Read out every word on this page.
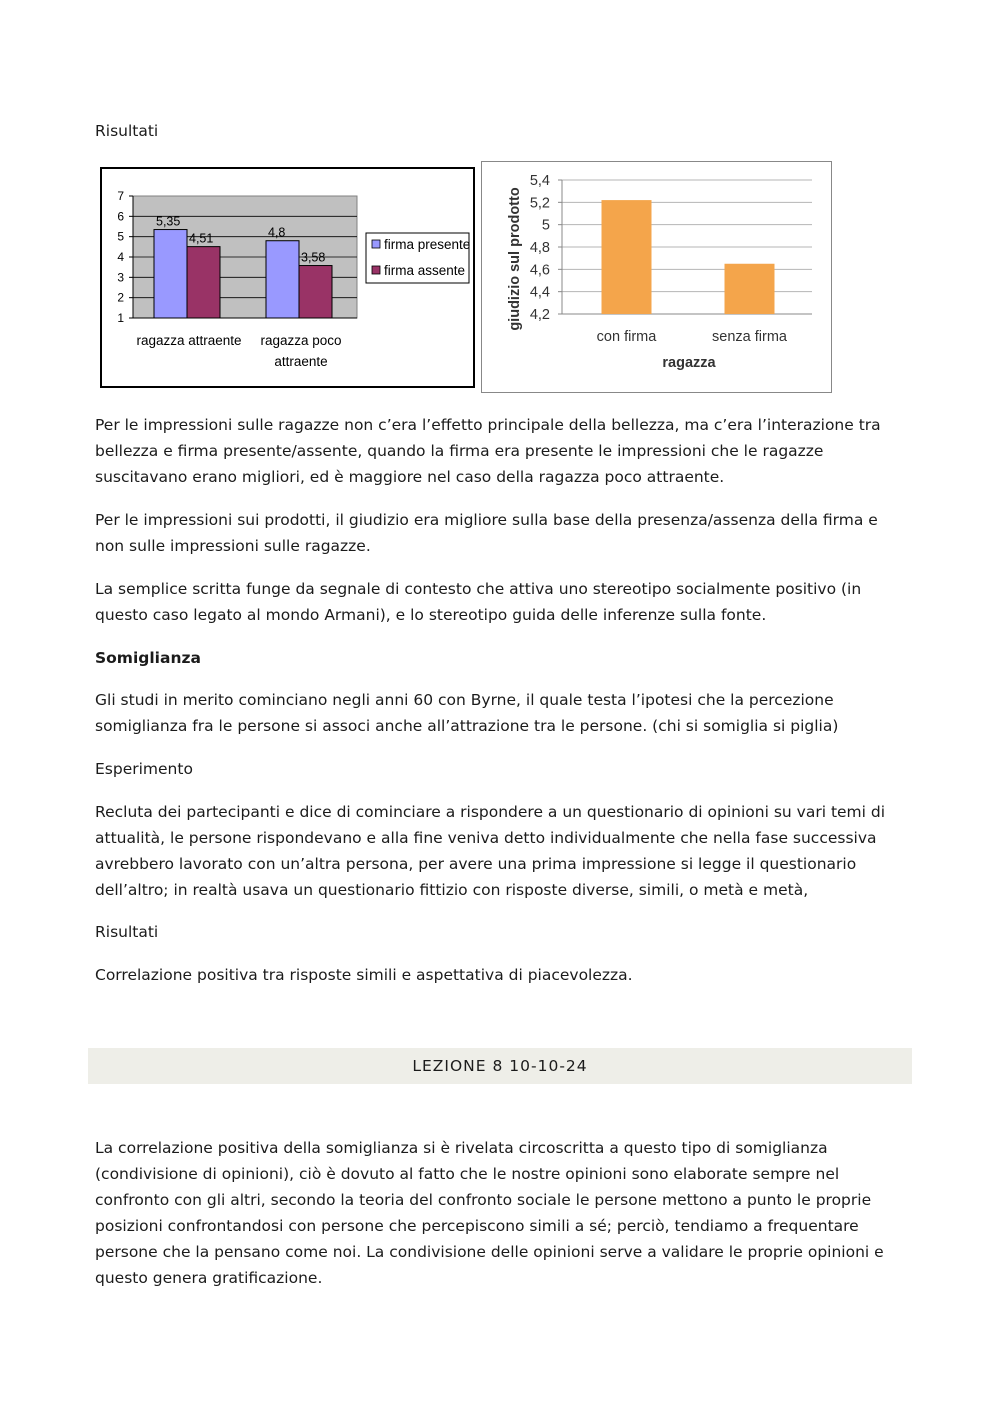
Risultati

Per le impressioni sulle ragazze non c’era l’effetto principale della bellezza, ma c’era l’interazione tra bellezza e firma presente/assente, quando la firma era presente le impressioni che le ragazze suscitavano erano migliori, ed è maggiore nel caso della ragazza poco attraente.

Per le impressioni sui prodotti, il giudizio era migliore sulla base della presenza/assenza della firma e non sulle impressioni sulle ragazze.

La semplice scritta funge da segnale di contesto che attiva uno stereotipo socialmente positivo (in questo caso legato al mondo Armani), e lo stereotipo guida delle inferenze sulla fonte.

Somiglianza

Gli studi in merito cominciano negli anni 60 con Byrne, il quale testa l’ipotesi che la percezione somiglianza fra le persone si associ anche all’attrazione tra le persone. (chi si somiglia si piglia)

Esperimento

Recluta dei partecipanti e dice di cominciare a rispondere a un questionario di opinioni su vari temi di attualità, le persone rispondevano e alla fine veniva detto individualmente che nella fase successiva avrebbero lavorato con un’altra persona, per avere una prima impressione si legge il questionario dell’altro; in realtà usava un questionario fittizio con risposte diverse, simili, o metà e metà,

Risultati

Correlazione positiva tra risposte simili e aspettativa di piacevolezza.

La correlazione positiva della somiglianza si è rivelata circoscritta a questo tipo di somiglianza (condivisione di opinioni), ciò è dovuto al fatto che le nostre opinioni sono elaborate sempre nel confronto con gli altri, secondo la teoria del confronto sociale le persone mettono a punto le proprie posizioni confrontandosi con persone che percepiscono simili a sé; perciò, tendiamo a frequentare persone che la pensano come noi. La condivisione delle opinioni serve a validare le proprie opinioni e questo genera gratificazione.

LEZIONE 8 10-10-24
1
2
3
4
5
6
7
5,35
4,51
ragazza attraente
4,8
3,58
ragazza poco
attraente
firma presente
firma assente
4,2
4,4
4,6
4,8
5
5,2
5,4
con firma	senza firma
ragazza
giudizio sul prodotto
